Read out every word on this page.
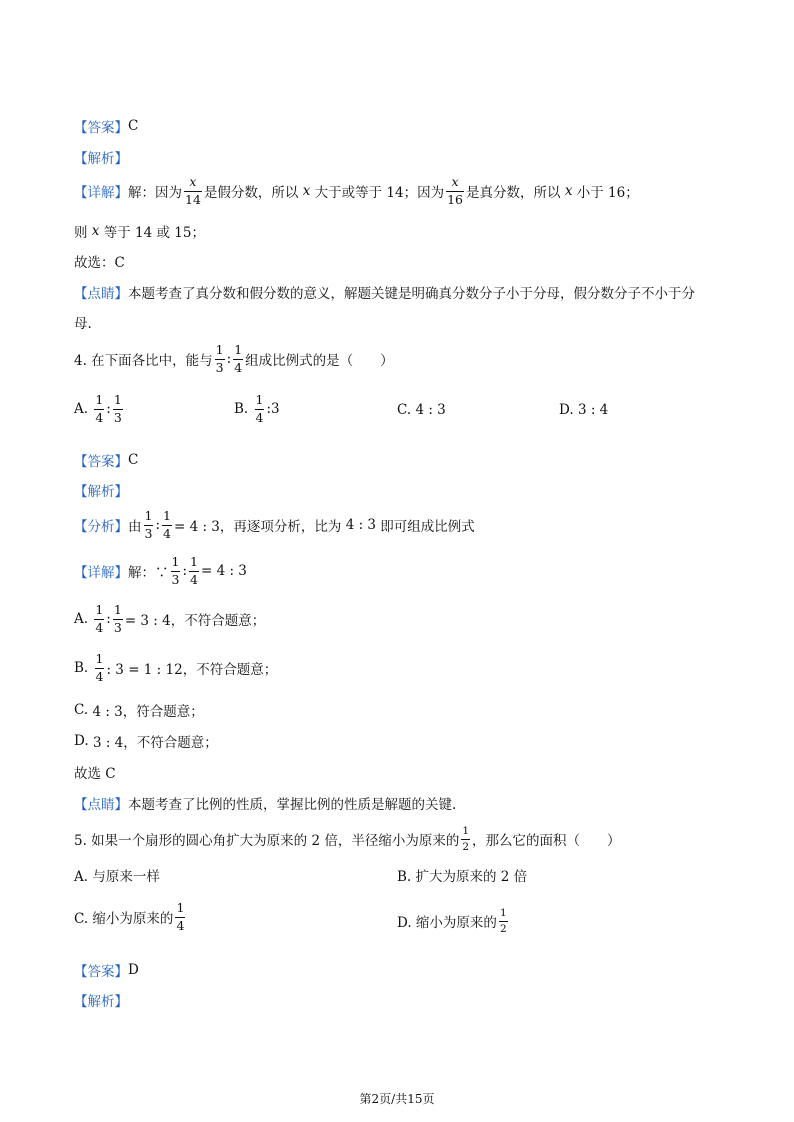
【答案】 C
【解析】
【详解】 解：因为 $\frac{x}{14}$ 是假分数，所以
x
大于或等于 14；因为 $\frac{x}{16}$ 是真分数，所以
x
小于 16；
则
x
等于 14 或 15；
故选：C
【点睛】 本题考查了真分数和假分数的意义，解题关键是明确真分数分子小于分母，假分数分子不小于分
母.
4. 在下面各比中，能与 $\frac{1}{3}$ : $\frac{1}{4}$ 组成比例式的是（　　）
A.
$\frac{1}{4}$ : $\frac{1}{3}$	B.
$\frac{1}{4}$ :3	C.
4 : 3	D.
3 : 4
【答案】 C
【解析】
【分析】 由 $\frac{1}{3}$ : $\frac{1}{4} = 4$ : 3，再逐项分析，比为
4 : 3
即可组成比例式
【详解】 解：∵ $\frac{1}{3}$ : $\frac{1}{4} = 4$ : 3
A.
$\frac{1}{4}$ : $\frac{1}{3} = 3$ : 4，不符合题意；
B.
$\frac{1}{4}$ : 3 = 1 : 12，不符合题意；
C.
4 : 3，符合题意；
D.
3 : 4，不符合题意；
故选 C
【点睛】 本题考查了比例的性质，掌握比例的性质是解题的关键.
5. 如果一个扇形的圆心角扩大为原来的 2 倍，半径缩小为原来的 $\frac{1}{2}$ ，那么它的面积（　　）
A. 与原来一样	B. 扩大为原来的 2 倍
C. 缩小为原来的 $\frac{1}{4}$	D. 缩小为原来的 $\frac{1}{2}$
【答案】 D
【解析】
第2页/共15页
